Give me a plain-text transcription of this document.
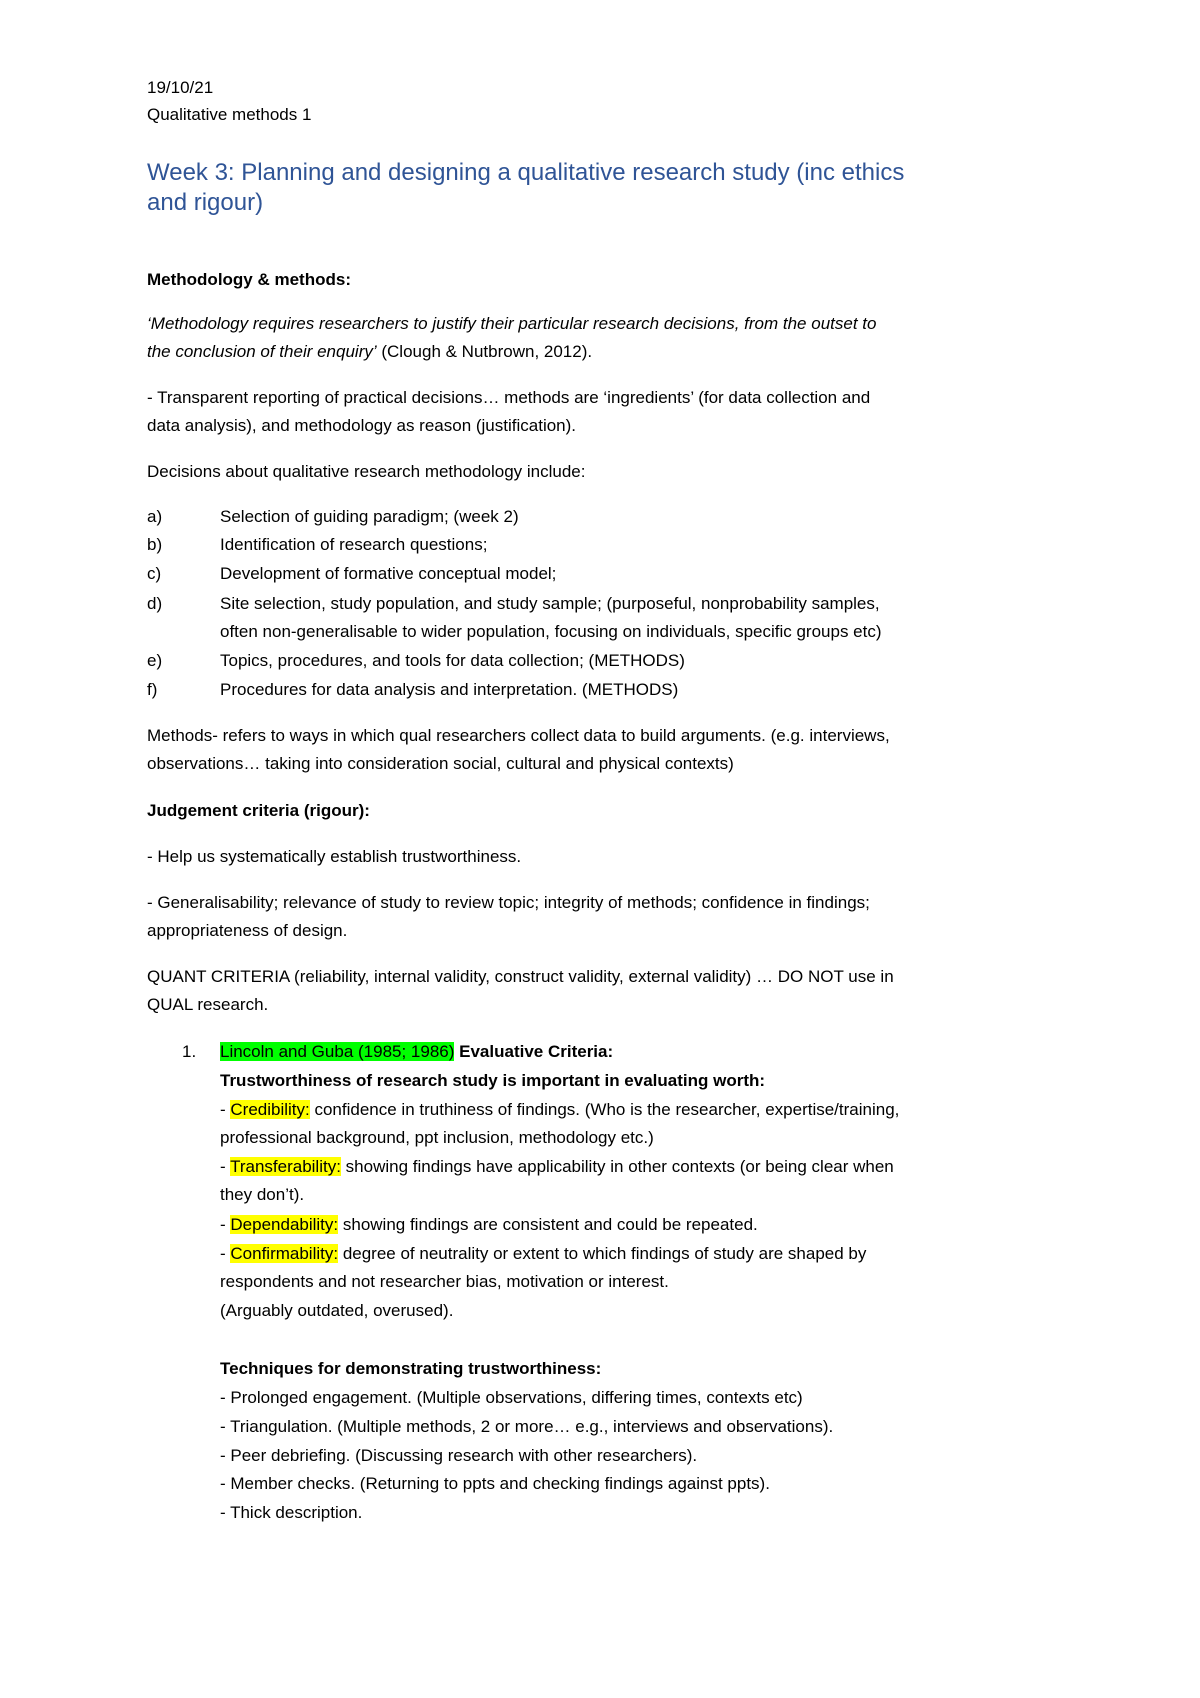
19/10/21
Qualitative methods 1
Week 3: Planning and designing a qualitative research study (inc ethics
and rigour)
Methodology & methods:
‘Methodology requires researchers to justify their particular research decisions, from the outset to
the conclusion of their enquiry’ (Clough & Nutbrown, 2012).
- Transparent reporting of practical decisions… methods are ‘ingredients’ (for data collection and
data analysis), and methodology as reason (justification).
Decisions about qualitative research methodology include:
a)	Selection of guiding paradigm; (week 2)
b)	Identification of research questions;
c)	Development of formative conceptual model;
d)	Site selection, study population, and study sample; (purposeful, nonprobability samples,
often non-generalisable to wider population, focusing on individuals, specific groups etc)
e)	Topics, procedures, and tools for data collection; (METHODS)
f)	Procedures for data analysis and interpretation. (METHODS)
Methods- refers to ways in which qual researchers collect data to build arguments. (e.g. interviews,
observations… taking into consideration social, cultural and physical contexts)
Judgement criteria (rigour):
- Help us systematically establish trustworthiness.
- Generalisability; relevance of study to review topic; integrity of methods; confidence in findings;
appropriateness of design.
QUANT CRITERIA (reliability, internal validity, construct validity, external validity) … DO NOT use in
QUAL research.
1. Lincoln and Guba (1985; 1986) Evaluative Criteria:
Trustworthiness of research study is important in evaluating worth:
- Credibility: confidence in truthiness of findings. (Who is the researcher, expertise/training,
professional background, ppt inclusion, methodology etc.)
- Transferability: showing findings have applicability in other contexts (or being clear when
they don’t).
- Dependability: showing findings are consistent and could be repeated.
- Confirmability: degree of neutrality or extent to which findings of study are shaped by
respondents and not researcher bias, motivation or interest.
(Arguably outdated, overused).
Techniques for demonstrating trustworthiness:
- Prolonged engagement. (Multiple observations, differing times, contexts etc)
- Triangulation. (Multiple methods, 2 or more… e.g., interviews and observations).
- Peer debriefing. (Discussing research with other researchers).
- Member checks. (Returning to ppts and checking findings against ppts).
- Thick description.
